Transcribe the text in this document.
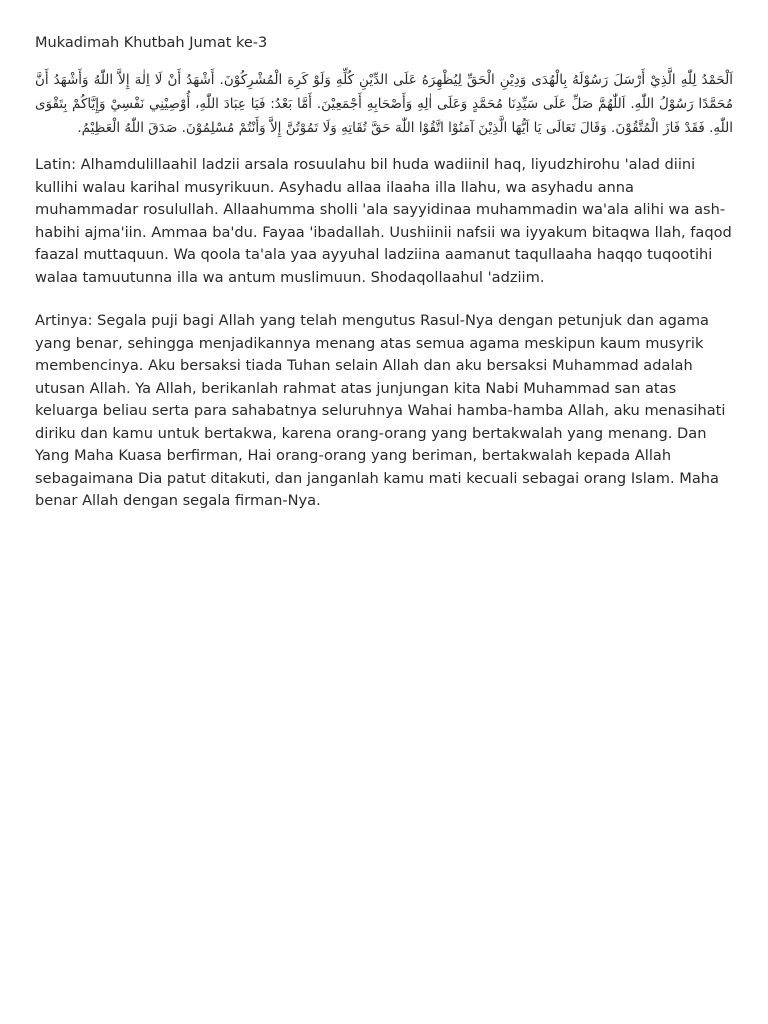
Mukadimah Khutbah Jumat ke-3

اَلْحَمْدُ لِلّٰهِ الَّذِيْ أَرْسَلَ رَسُوْلَهُ بِالْهُدَى وَدِيْنِ الْحَقِّ لِيُظْهِرَهُ عَلَى الدِّيْنِ كُلِّهِ وَلَوْ كَرِهَ الْمُشْرِكُوْنَ. أَشْهَدُ أَنْ لَا اِلٰهَ إِلاَّ اللّٰهُ وَأَشْهَدُ أَنَّ مُحَمَّدًا رَسُوْلُ اللّٰهِ. اَللّٰهُمَّ صَلِّ عَلَى سَيِّدِنَا مُحَمَّدٍ وَعَلَى اٰلِهِ وَأَصْحَابِهِ أَجْمَعِيْنَ. أَمَّا بَعْدُ: فَيَا عِبَادَ اللّٰهِ، أُوْصِيْنِي نَفْسِيْ وَإِيَّاكُمْ بِتَقْوَى اللّٰهِ. فَقَدْ فَازَ الْمُتَّقُوْنَ. وَقَالَ تَعَالَى يَا اَيُّهَا الَّذِيْنَ آمَنُوْا اتَّقُوْا اللّٰهَ حَقَّ تُقَاتِهِ وَلَا تَمُوْتُنَّ إِلاَّ وَأَنْتُمْ مُسْلِمُوْنَ. صَدَقَ اللّٰهُ الْعَظِيْمُ.

Latin: Alhamdulillaahil ladzii arsala rosuulahu bil huda wadiinil haq, liyudzhirohu 'alad diini kullihi walau karihal musyrikuun. Asyhadu allaa ilaaha illa llahu, wa asyhadu anna muhammadar rosulullah. Allaahumma sholli 'ala sayyidinaa muhammadin wa'ala alihi wa ash-habihi ajma'iin. Ammaa ba'du. Fayaa 'ibadallah. Uushiinii nafsii wa iyyakum bitaqwa llah, faqod faazal muttaquun. Wa qoola ta'ala yaa ayyuhal ladziina aamanut taqullaaha haqqo tuqootihi walaa tamuutunna illa wa antum muslimuun. Shodaqollaahul 'adziim.

Artinya: Segala puji bagi Allah yang telah mengutus Rasul-Nya dengan petunjuk dan agama yang benar, sehingga menjadikannya menang atas semua agama meskipun kaum musyrik membencinya. Aku bersaksi tiada Tuhan selain Allah dan aku bersaksi Muhammad adalah utusan Allah. Ya Allah, berikanlah rahmat atas junjungan kita Nabi Muhammad san atas keluarga beliau serta para sahabatnya seluruhnya Wahai hamba-hamba Allah, aku menasihati diriku dan kamu untuk bertakwa, karena orang-orang yang bertakwalah yang menang. Dan Yang Maha Kuasa berfirman, Hai orang-orang yang beriman, bertakwalah kepada Allah sebagaimana Dia patut ditakuti, dan janganlah kamu mati kecuali sebagai orang Islam. Maha benar Allah dengan segala firman-Nya.
